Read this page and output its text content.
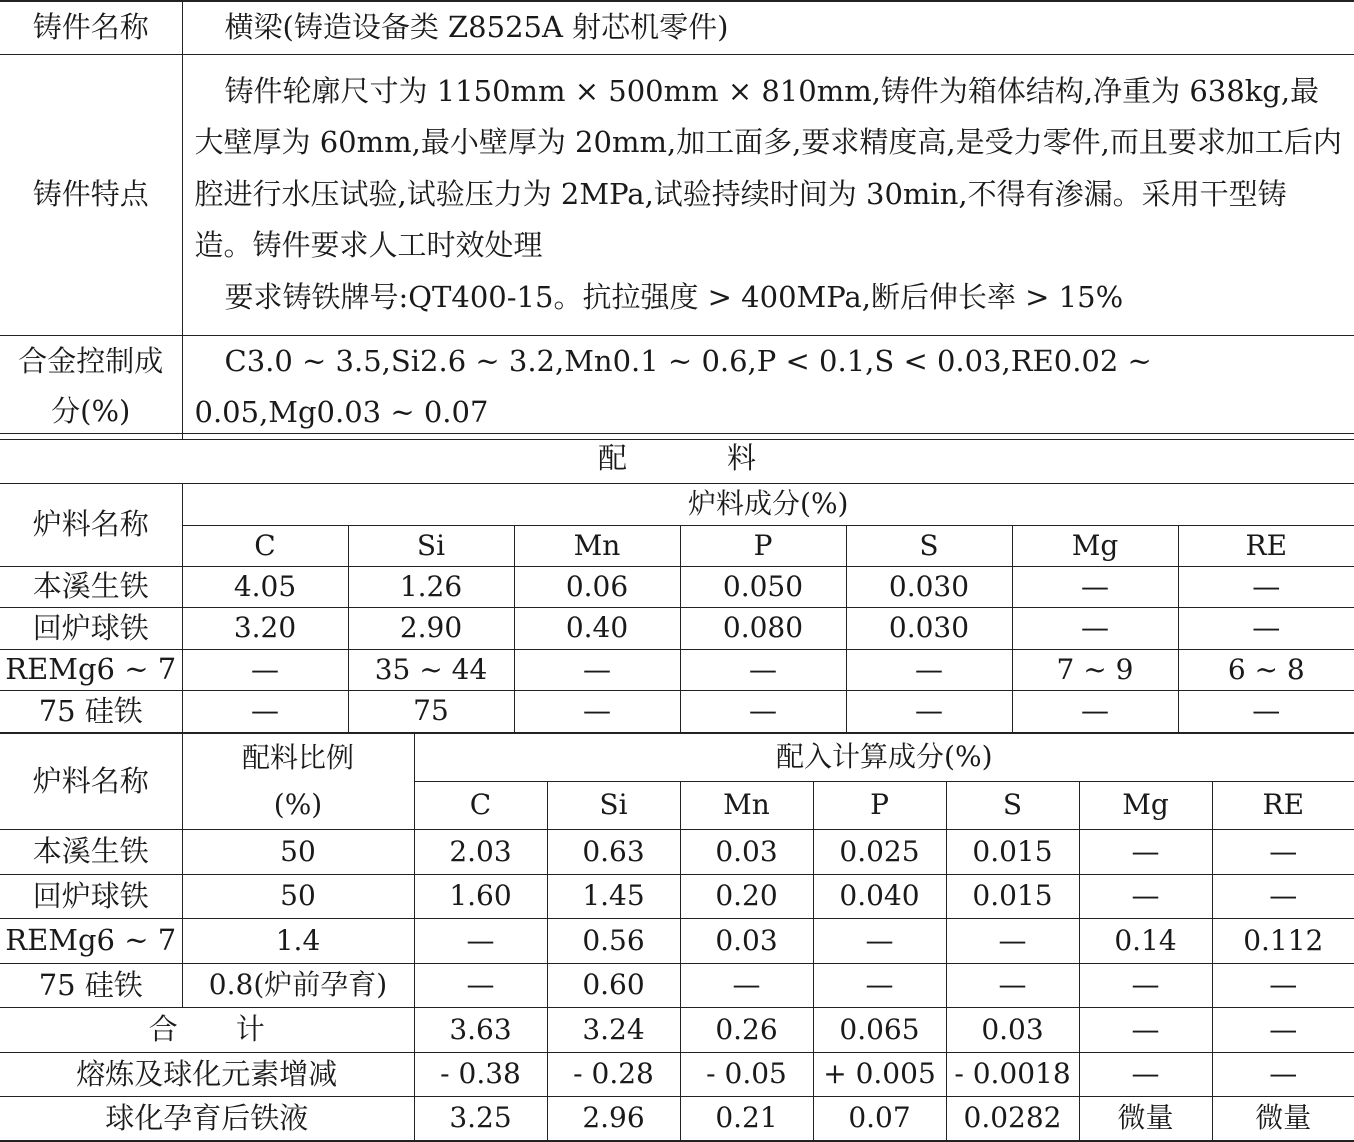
铸件名称	横梁(铸造设备类 Z8525A 射芯机零件)

铸件特点	铸件轮廓尺寸为 1150mm × 500mm × 810mm,铸件为箱体结构,净重为 638kg,最大壁厚为 60mm,最小壁厚为 20mm,加工面多,要求精度高,是受力零件,而且要求加工后内腔进行水压试验,试验压力为 2MPa,试验持续时间为 30min,不得有渗漏。采用干型铸造。铸件要求人工时效处理

要求铸铁牌号:QT400-15。抗拉强度 > 400MPa,断后伸长率 > 15%

合金控制成分(%)	C3.0 ~ 3.5,Si2.6 ~ 3.2,Mn0.1 ~ 0.6,P < 0.1,S < 0.03,RE0.02 ~ 0.05,Mg0.03 ~ 0.07

配 料							
炉料名称	炉料成分(%)						
	C	Si	Mn	P	S	Mg	RE
本溪生铁	4.05	1.26	0.06	0.050	0.030	—	—
回炉球铁	3.20	2.90	0.40	0.080	0.030	—	—
REMg6 ~ 7	—	35 ~ 44	—	—	—	7 ~ 9	6 ~ 8
75 硅铁	—	75	—	—	—	—	—
炉料名称	配料比例	配入计算成分(%)						
	(%)	C	Si	Mn	P	S	Mg	RE
本溪生铁	50	2.03	0.63	0.03	0.025	0.015	—	—
回炉球铁	50	1.60	1.45	0.20	0.040	0.015	—	—
REMg6 ~ 7	1.4	—	0.56	0.03	—	—	0.14	0.112
75 硅铁	0.8(炉前孕育)	—	0.60	—	—	—	—	—
合　　计		3.63	3.24	0.26	0.065	0.03	—	—
熔炼及球化元素增减		- 0.38	- 0.28	- 0.05	+ 0.005	- 0.0018	—	—
球化孕育后铁液		3.25	2.96	0.21	0.07	0.0282	微量	微量
